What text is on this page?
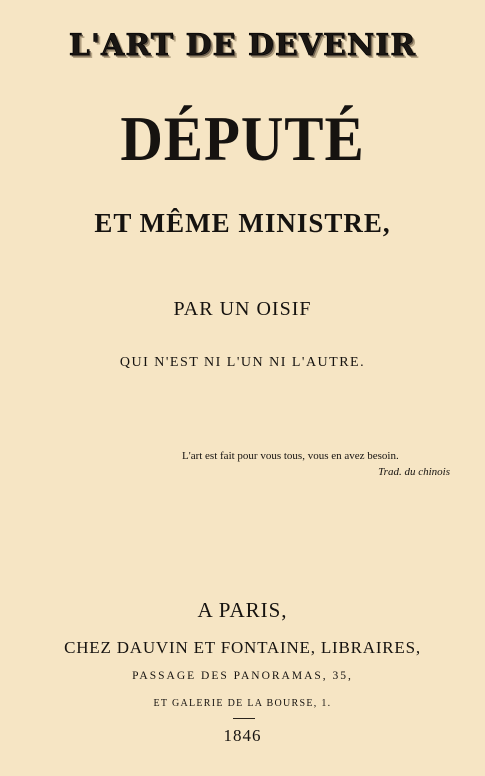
L'ART DE DEVENIR
DÉPUTÉ
ET MÊME MINISTRE,
PAR UN OISIF
QUI N'EST NI L'UN NI L'AUTRE.
L'art est fait pour vous tous, vous en avez besoin.
Trad. du chinois
A PARIS,
CHEZ DAUVIN ET FONTAINE, LIBRAIRES,
PASSAGE DES PANORAMAS, 35,
ET GALERIE DE LA BOURSE, 1.
1846
